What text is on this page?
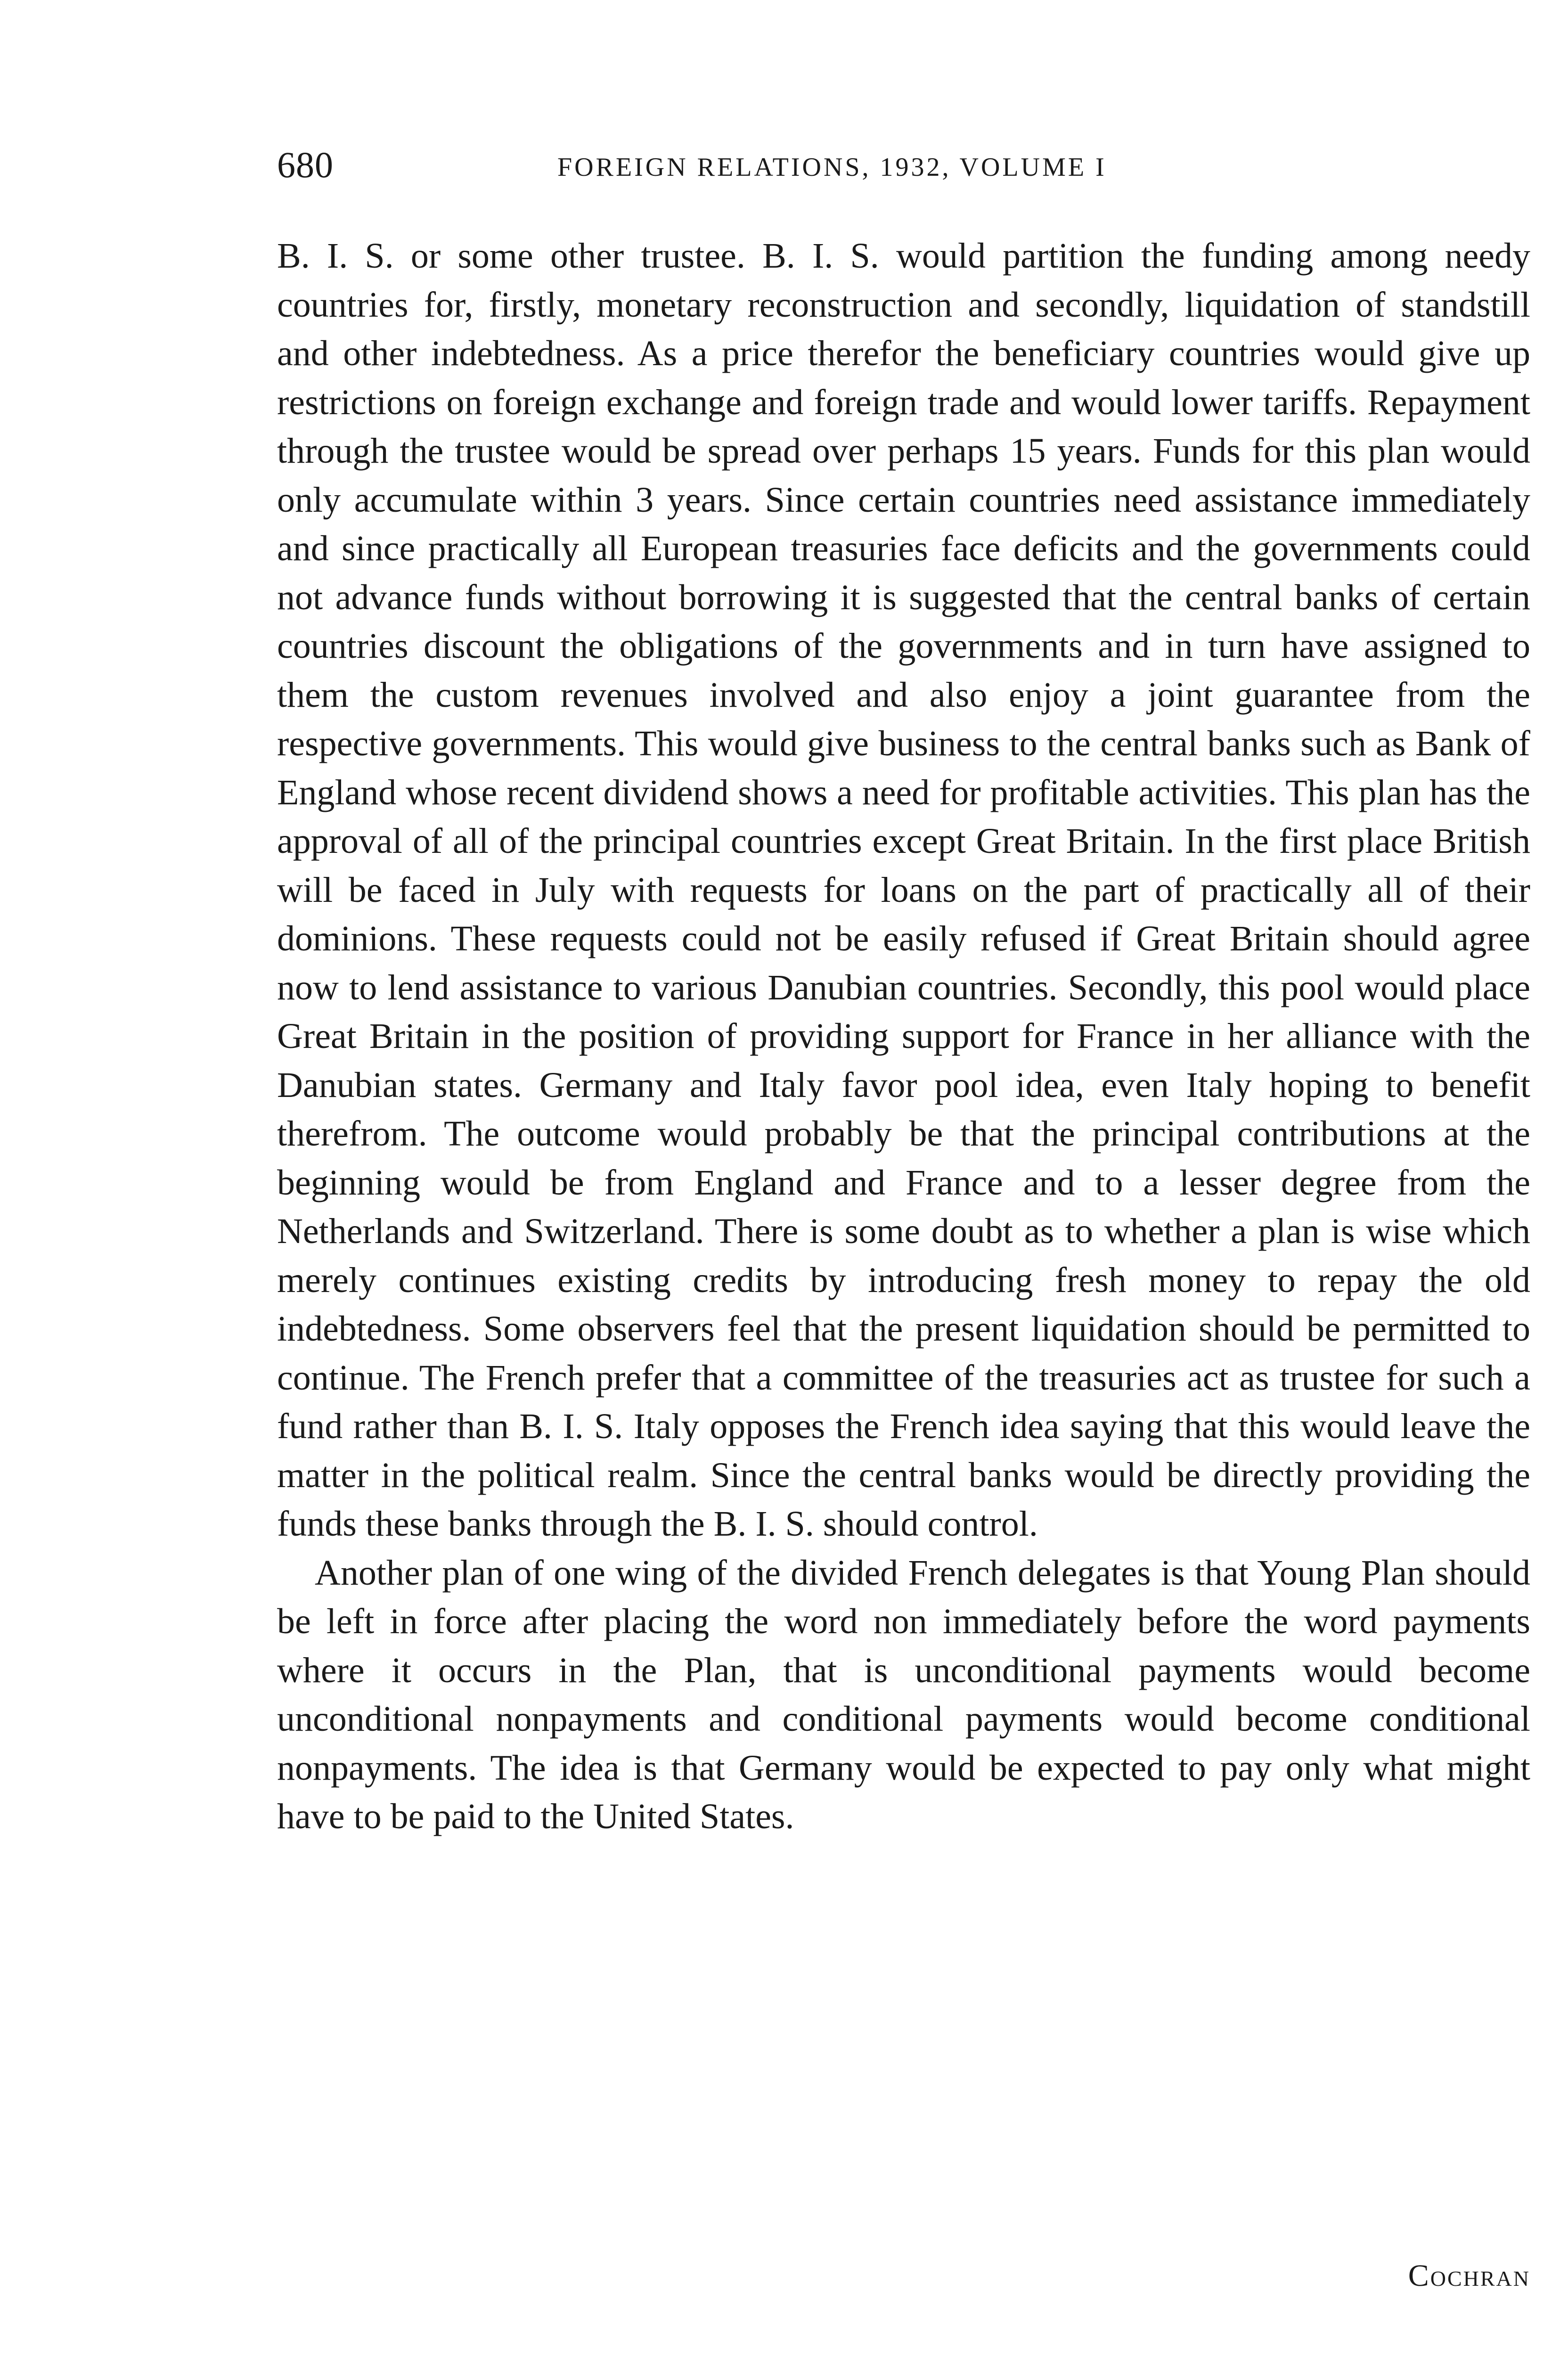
680	FOREIGN RELATIONS, 1932, VOLUME I

B. I. S. or some other trustee. B. I. S. would partition the funding among needy countries for, firstly, monetary reconstruction and secondly, liquidation of standstill and other indebtedness. As a price therefor the beneficiary countries would give up restrictions on foreign exchange and foreign trade and would lower tariffs. Repayment through the trustee would be spread over perhaps 15 years. Funds for this plan would only accumulate within 3 years. Since certain countries need assistance immediately and since practically all European treasuries face deficits and the governments could not advance funds without borrowing it is suggested that the central banks of certain countries discount the obligations of the governments and in turn have assigned to them the custom revenues involved and also enjoy a joint guarantee from the respective governments. This would give business to the central banks such as Bank of England whose recent dividend shows a need for profitable activities. This plan has the approval of all of the principal countries except Great Britain. In the first place British will be faced in July with requests for loans on the part of practically all of their dominions. These requests could not be easily refused if Great Britain should agree now to lend assistance to various Danubian countries. Secondly, this pool would place Great Britain in the position of providing support for France in her alliance with the Danubian states. Germany and Italy favor pool idea, even Italy hoping to benefit therefrom. The outcome would probably be that the principal contributions at the beginning would be from England and France and to a lesser degree from the Netherlands and Switzerland. There is some doubt as to whether a plan is wise which merely continues existing credits by introducing fresh money to repay the old indebtedness. Some observers feel that the present liquidation should be permitted to continue. The French prefer that a committee of the treasuries act as trustee for such a fund rather than B. I. S. Italy opposes the French idea saying that this would leave the matter in the political realm. Since the central banks would be directly providing the funds these banks through the B. I. S. should control.

Another plan of one wing of the divided French delegates is that Young Plan should be left in force after placing the word non immediately before the word payments where it occurs in the Plan, that is unconditional payments would become unconditional nonpayments and conditional payments would become conditional nonpayments. The idea is that Germany would be expected to pay only what might have to be paid to the United States.

Cochran
